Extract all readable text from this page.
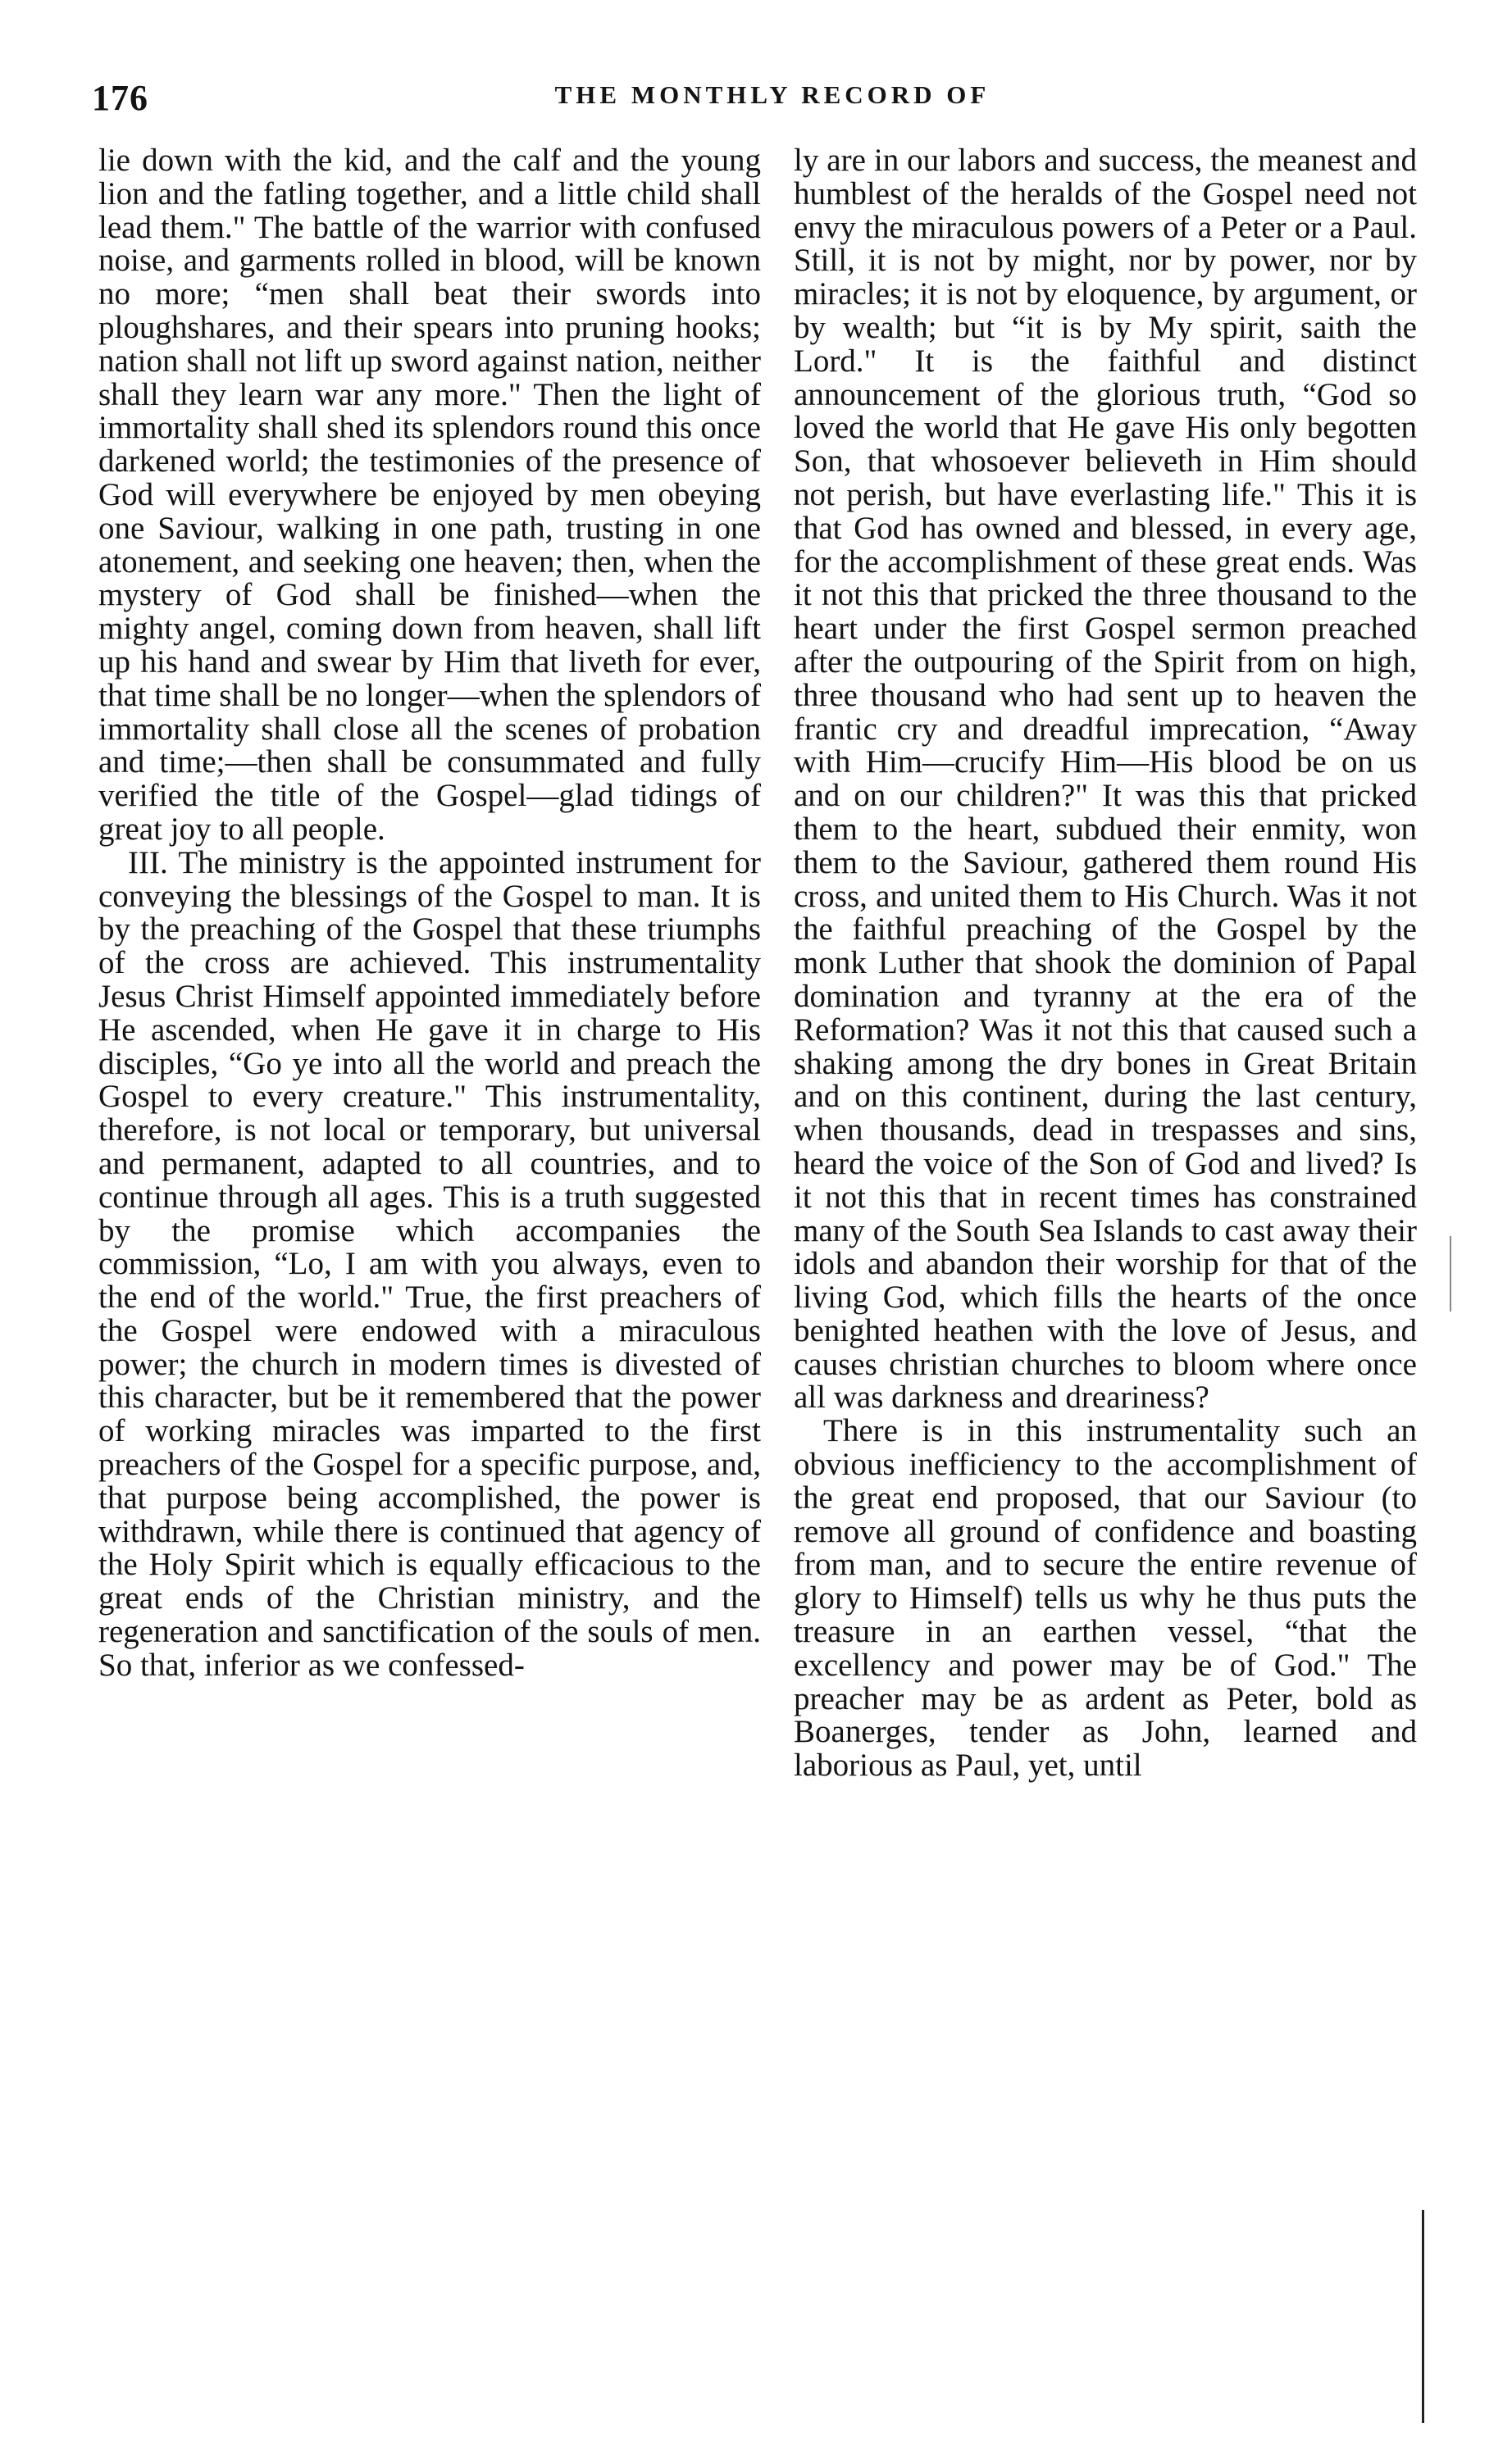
176	THE MONTHLY RECORD OF

lie down with the kid, and the calf and the young lion and the fatling together, and a little child shall lead them." The battle of the warrior with confused noise, and garments rolled in blood, will be known no more; “men shall beat their swords into ploughshares, and their spears into pruning hooks; nation shall not lift up sword against nation, neither shall they learn war any more." Then the light of immortality shall shed its splendors round this once darkened world; the testimonies of the presence of God will everywhere be enjoyed by men obeying one Saviour, walking in one path, trusting in one atonement, and seeking one heaven; then, when the mystery of God shall be finished—when the mighty angel, coming down from heaven, shall lift up his hand and swear by Him that liveth for ever, that time shall be no longer—when the splendors of immortality shall close all the scenes of probation and time;—then shall be consummated and fully verified the title of the Gospel—glad tidings of great joy to all people.

III. The ministry is the appointed instrument for conveying the blessings of the Gospel to man. It is by the preaching of the Gospel that these triumphs of the cross are achieved. This instrumentality Jesus Christ Himself appointed immediately before He ascended, when He gave it in charge to His disciples, “Go ye into all the world and preach the Gospel to every creature." This instrumentality, therefore, is not local or temporary, but universal and permanent, adapted to all countries, and to continue through all ages. This is a truth suggested by the promise which accompanies the commission, “Lo, I am with you always, even to the end of the world." True, the first preachers of the Gospel were endowed with a miraculous power; the church in modern times is divested of this character, but be it remembered that the power of working miracles was imparted to the first preachers of the Gospel for a specific purpose, and, that purpose being accomplished, the power is withdrawn, while there is continued that agency of the Holy Spirit which is equally efficacious to the great ends of the Christian ministry, and the regeneration and sanctification of the souls of men. So that, inferior as we confessed-

ly are in our labors and success, the meanest and humblest of the heralds of the Gospel need not envy the miraculous powers of a Peter or a Paul. Still, it is not by might, nor by power, nor by miracles; it is not by eloquence, by argument, or by wealth; but “it is by My spirit, saith the Lord." It is the faithful and distinct announcement of the glorious truth, “God so loved the world that He gave His only begotten Son, that whosoever believeth in Him should not perish, but have everlasting life." This it is that God has owned and blessed, in every age, for the accomplishment of these great ends. Was it not this that pricked the three thousand to the heart under the first Gospel sermon preached after the outpouring of the Spirit from on high, three thousand who had sent up to heaven the frantic cry and dreadful imprecation, “Away with Him—crucify Him—His blood be on us and on our children?" It was this that pricked them to the heart, subdued their enmity, won them to the Saviour, gathered them round His cross, and united them to His Church. Was it not the faithful preaching of the Gospel by the monk Luther that shook the dominion of Papal domination and tyranny at the era of the Reformation? Was it not this that caused such a shaking among the dry bones in Great Britain and on this continent, during the last century, when thousands, dead in trespasses and sins, heard the voice of the Son of God and lived? Is it not this that in recent times has constrained many of the South Sea Islands to cast away their idols and abandon their worship for that of the living God, which fills the hearts of the once benighted heathen with the love of Jesus, and causes christian churches to bloom where once all was darkness and dreariness?

There is in this instrumentality such an obvious inefficiency to the accomplishment of the great end proposed, that our Saviour (to remove all ground of confidence and boasting from man, and to secure the entire revenue of glory to Himself) tells us why he thus puts the treasure in an earthen vessel, “that the excellency and power may be of God." The preacher may be as ardent as Peter, bold as Boanerges, tender as John, learned and laborious as Paul, yet, until
